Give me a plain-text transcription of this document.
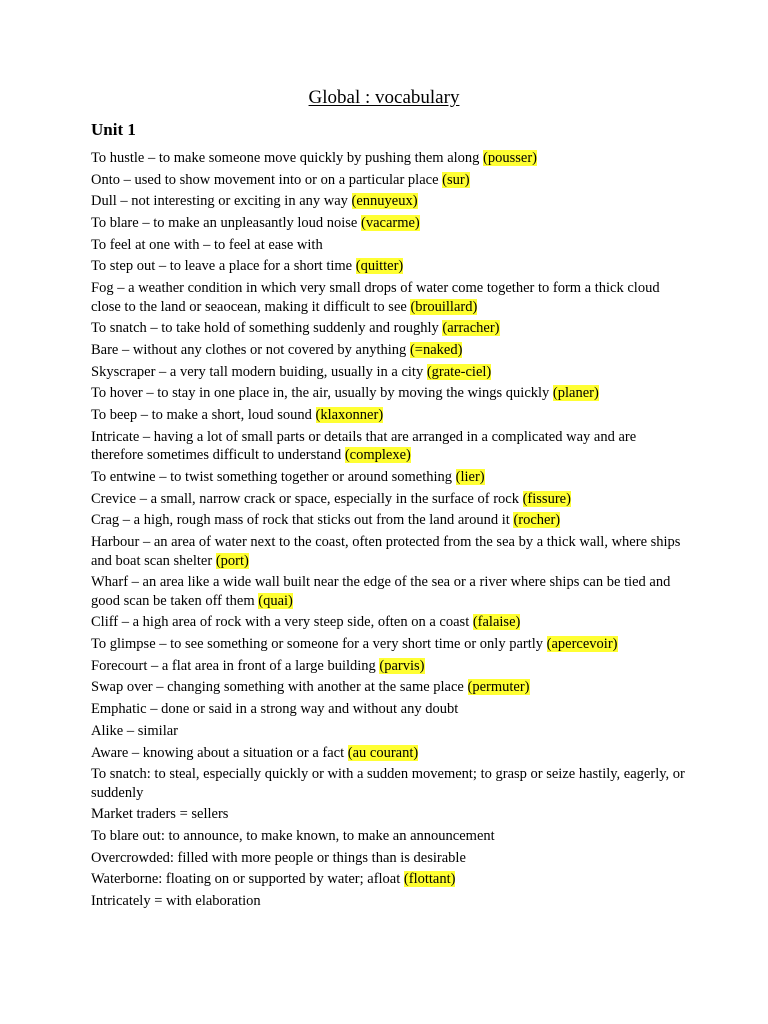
Global : vocabulary
Unit 1
To hustle – to make someone move quickly by pushing them along (pousser)
Onto – used to show movement into or on a particular place (sur)
Dull – not interesting or exciting in any way (ennuyeux)
To blare – to make an unpleasantly loud noise (vacarme)
To feel at one with – to feel at ease with
To step out – to leave a place for a short time (quitter)
Fog – a weather condition in which very small drops of water come together to form a thick cloud close to the land or seaocean, making it difficult to see (brouillard)
To snatch – to take hold of something suddenly and roughly (arracher)
Bare – without any clothes or not covered by anything (=naked)
Skyscraper – a very tall modern buiding, usually in a city (grate-ciel)
To hover – to stay in one place in, the air, usually by moving the wings quickly (planer)
To beep – to make a short, loud sound (klaxonner)
Intricate – having a lot of small parts or details that are arranged in a complicated way and are therefore sometimes difficult to understand (complexe)
To entwine – to twist something together or around something (lier)
Crevice – a small, narrow crack or space, especially in the surface of rock (fissure)
Crag – a high, rough mass of rock that sticks out from the land around it (rocher)
Harbour – an area of water next to the coast, often protected from the sea by a thick wall, where ships and boat scan shelter (port)
Wharf – an area like a wide wall built near the edge of the sea or a river where ships can be tied and good scan be taken off them (quai)
Cliff – a high area of rock with a very steep side, often on a coast (falaise)
To glimpse – to see something or someone for a very short time or only partly (apercevoir)
Forecourt – a flat area in front of a large building (parvis)
Swap over – changing something with another at the same place (permuter)
Emphatic – done or said in a strong way and without any doubt
Alike – similar
Aware – knowing about a situation or a fact (au courant)
To snatch: to steal, especially quickly or with a sudden movement; to grasp or seize hastily, eagerly, or suddenly
Market traders = sellers
To blare out: to announce, to make known, to make an announcement
Overcrowded: filled with more people or things than is desirable
Waterborne: floating on or supported by water; afloat (flottant)
Intricately = with elaboration
